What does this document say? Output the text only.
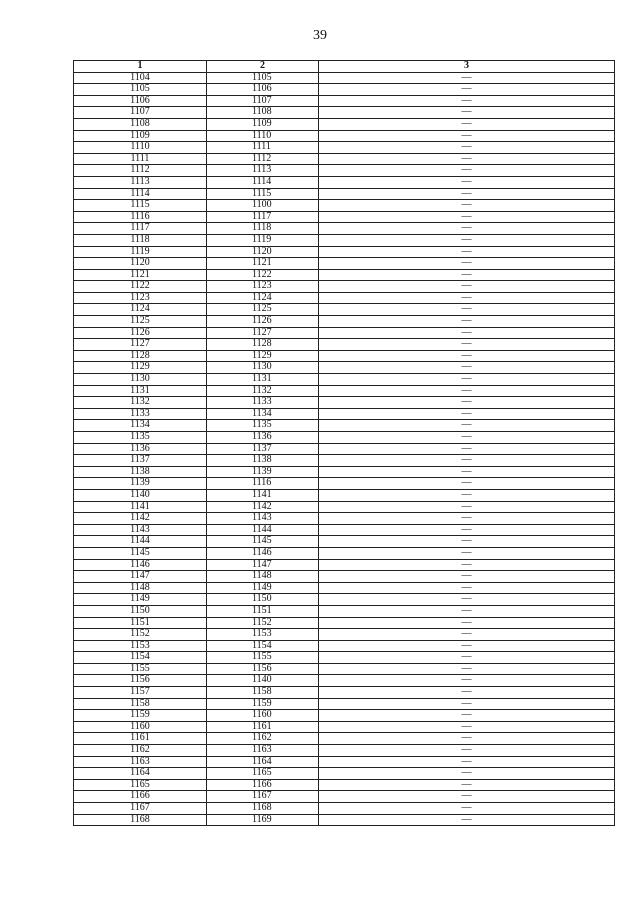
39
1	2	3
1104	1105	—
1105	1106	—
1106	1107	—
1107	1108	—
1108	1109	—
1109	1110	—
1110	1111	—
1111	1112	—
1112	1113	—
1113	1114	—
1114	1115	—
1115	1100	—
1116	1117	—
1117	1118	—
1118	1119	—
1119	1120	—
1120	1121	—
1121	1122	—
1122	1123	—
1123	1124	—
1124	1125	—
1125	1126	—
1126	1127	—
1127	1128	—
1128	1129	—
1129	1130	—
1130	1131	—
1131	1132	—
1132	1133	—
1133	1134	—
1134	1135	—
1135	1136	—
1136	1137	—
1137	1138	—
1138	1139	—
1139	1116	—
1140	1141	—
1141	1142	—
1142	1143	—
1143	1144	—
1144	1145	—
1145	1146	—
1146	1147	—
1147	1148	—
1148	1149	—
1149	1150	—
1150	1151	—
1151	1152	—
1152	1153	—
1153	1154	—
1154	1155	—
1155	1156	—
1156	1140	—
1157	1158	—
1158	1159	—
1159	1160	—
1160	1161	—
1161	1162	—
1162	1163	—
1163	1164	—
1164	1165	—
1165	1166	—
1166	1167	—
1167	1168	—
1168	1169	—
